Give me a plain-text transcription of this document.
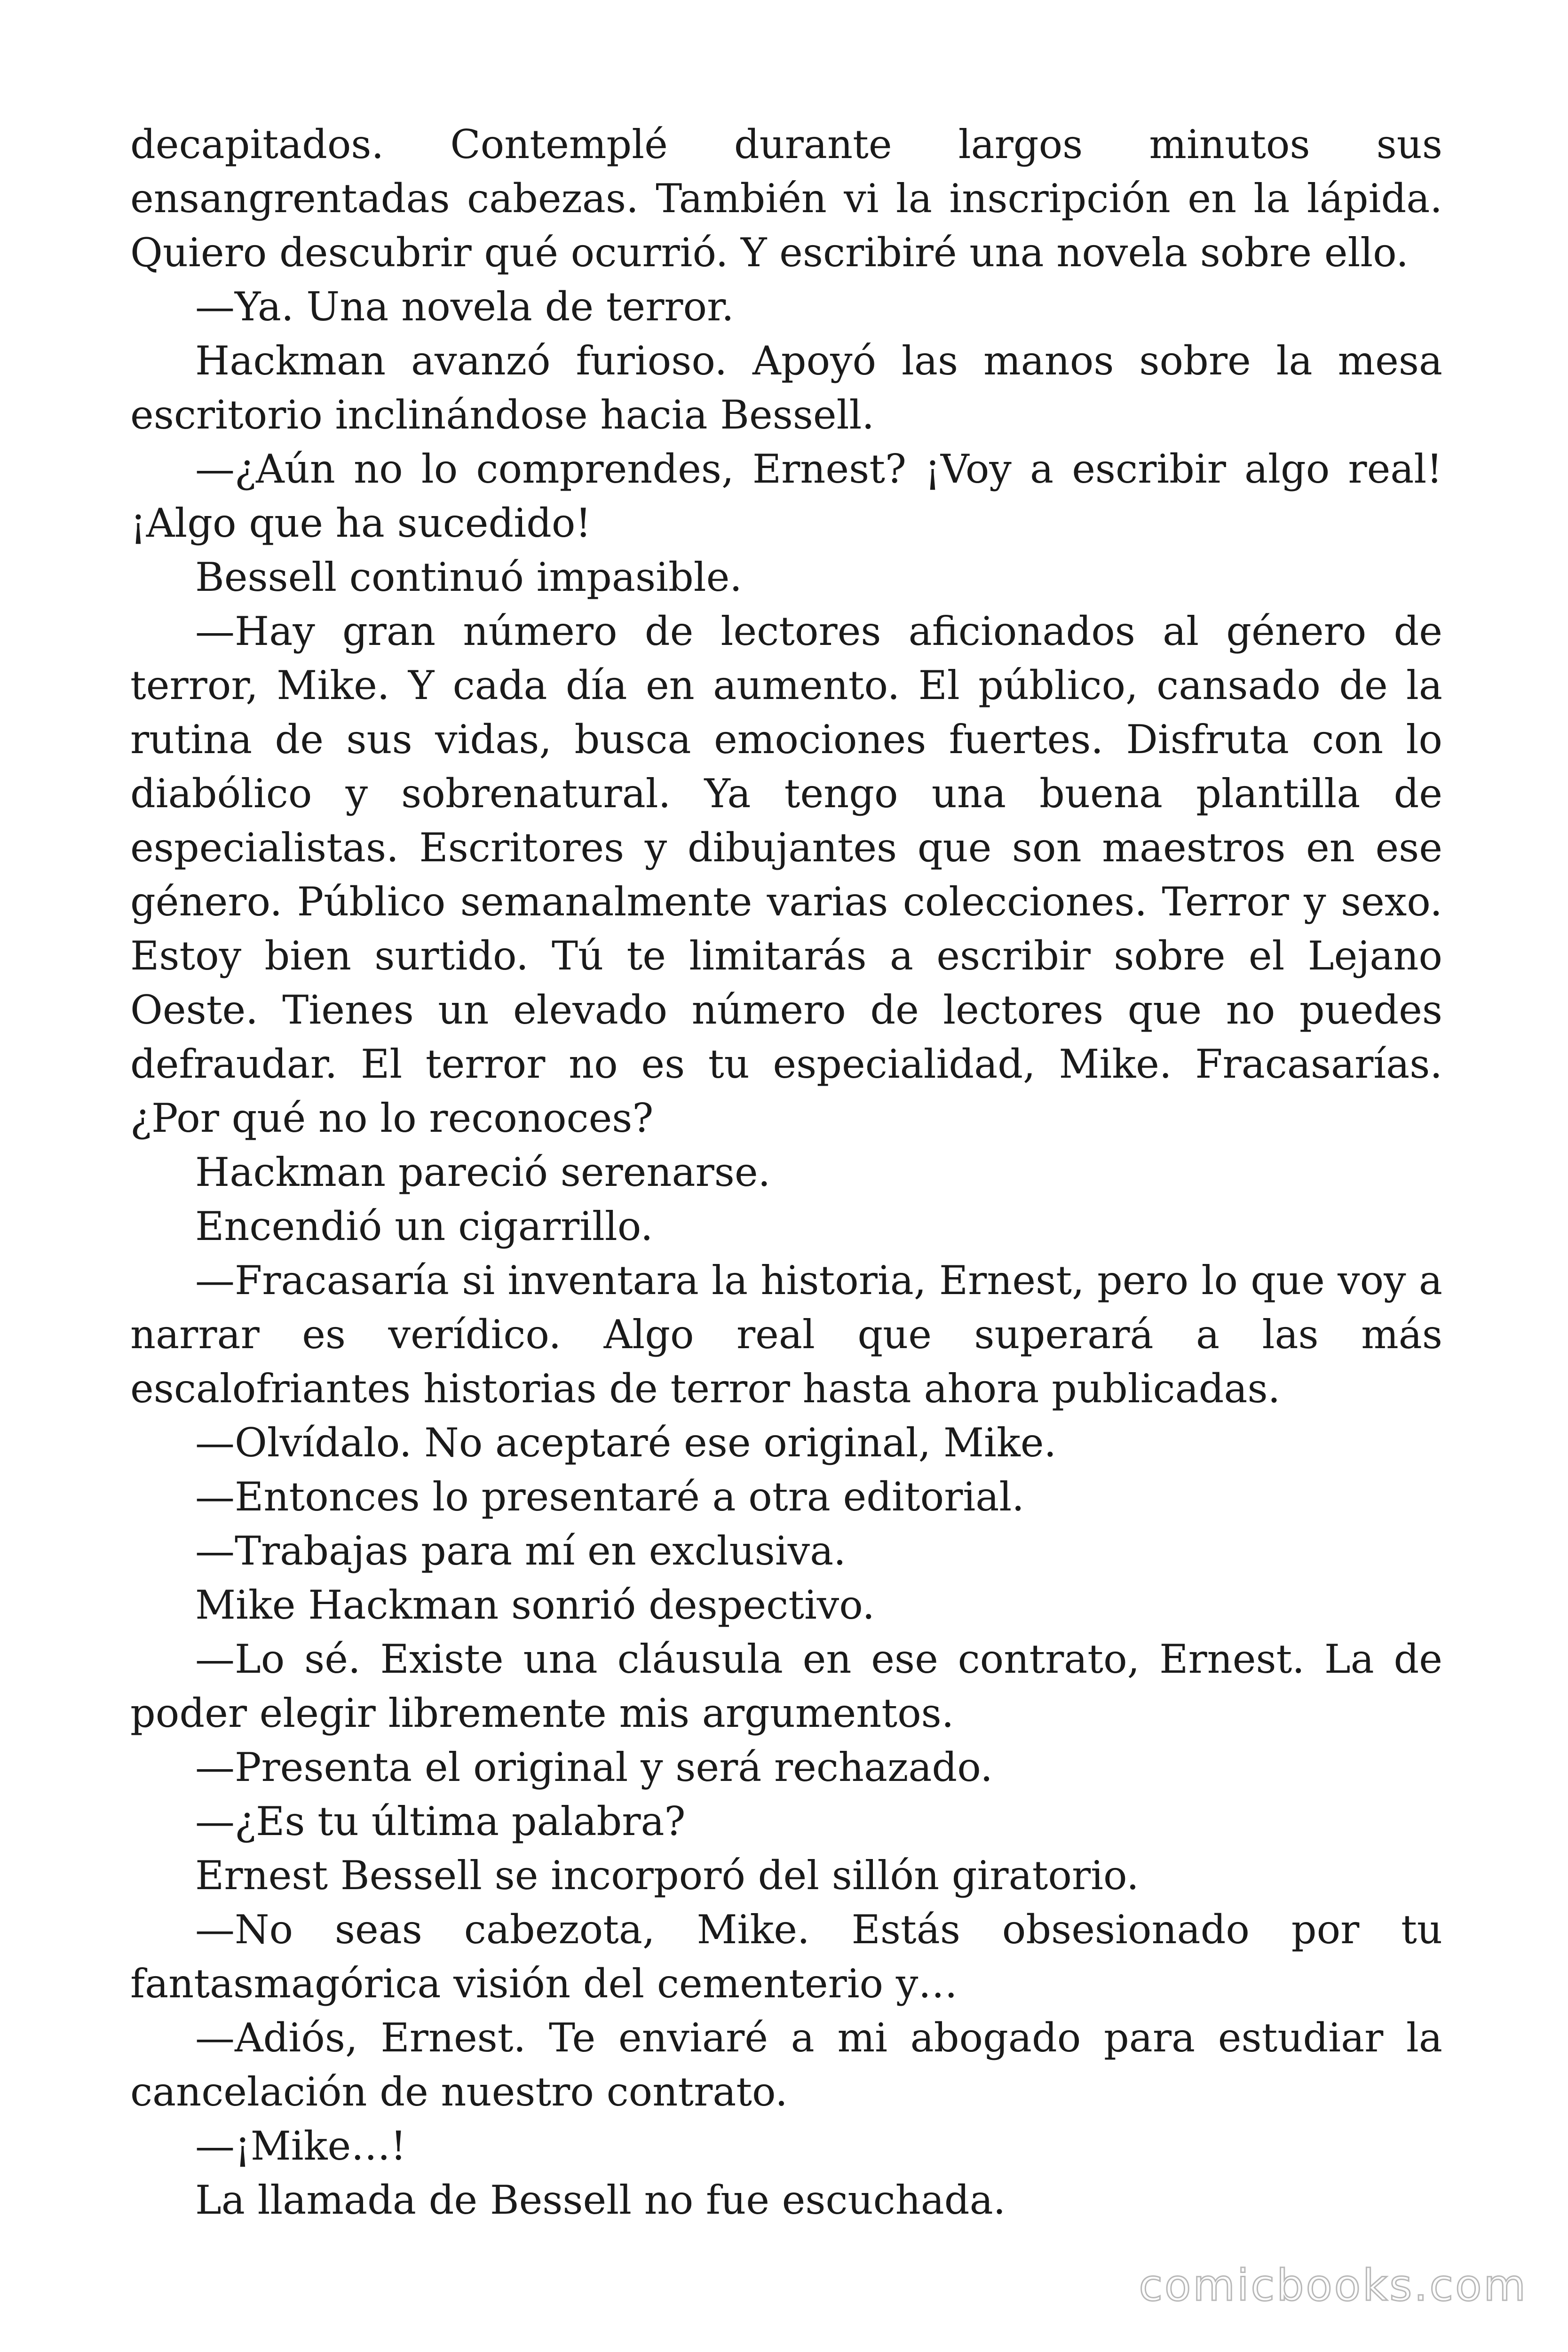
decapitados. Contemplé durante largos minutos sus ensangrentadas cabezas. También vi la inscripción en la lápida. Quiero descubrir qué ocurrió. Y escribiré una novela sobre ello.

—Ya. Una novela de terror.

Hackman avanzó furioso. Apoyó las manos sobre la mesa escritorio inclinándose hacia Bessell.

—¿Aún no lo comprendes, Ernest? ¡Voy a escribir algo real! ¡Algo que ha sucedido!

Bessell continuó impasible.

—Hay gran número de lectores aficionados al género de terror, Mike. Y cada día en aumento. El público, cansado de la rutina de sus vidas, busca emociones fuertes. Disfruta con lo diabólico y sobrenatural. Ya tengo una buena plantilla de especialistas. Escritores y dibujantes que son maestros en ese género. Público semanalmente varias colecciones. Terror y sexo. Estoy bien surtido. Tú te limitarás a escribir sobre el Lejano Oeste. Tienes un elevado número de lectores que no puedes defraudar. El terror no es tu especialidad, Mike. Fracasarías. ¿Por qué no lo reconoces?

Hackman pareció serenarse.

Encendió un cigarrillo.

—Fracasaría si inventara la historia, Ernest, pero lo que voy a narrar es verídico. Algo real que superará a las más escalofriantes historias de terror hasta ahora publicadas.

—Olvídalo. No aceptaré ese original, Mike.

—Entonces lo presentaré a otra editorial.

—Trabajas para mí en exclusiva.

Mike Hackman sonrió despectivo.

—Lo sé. Existe una cláusula en ese contrato, Ernest. La de poder elegir libremente mis argumentos.

—Presenta el original y será rechazado.

—¿Es tu última palabra?

Ernest Bessell se incorporó del sillón giratorio.

—No seas cabezota, Mike. Estás obsesionado por tu fantasmagórica visión del cementerio y…

—Adiós, Ernest. Te enviaré a mi abogado para estudiar la cancelación de nuestro contrato.

—¡Mike…!

La llamada de Bessell no fue escuchada.

comicbooks.com
